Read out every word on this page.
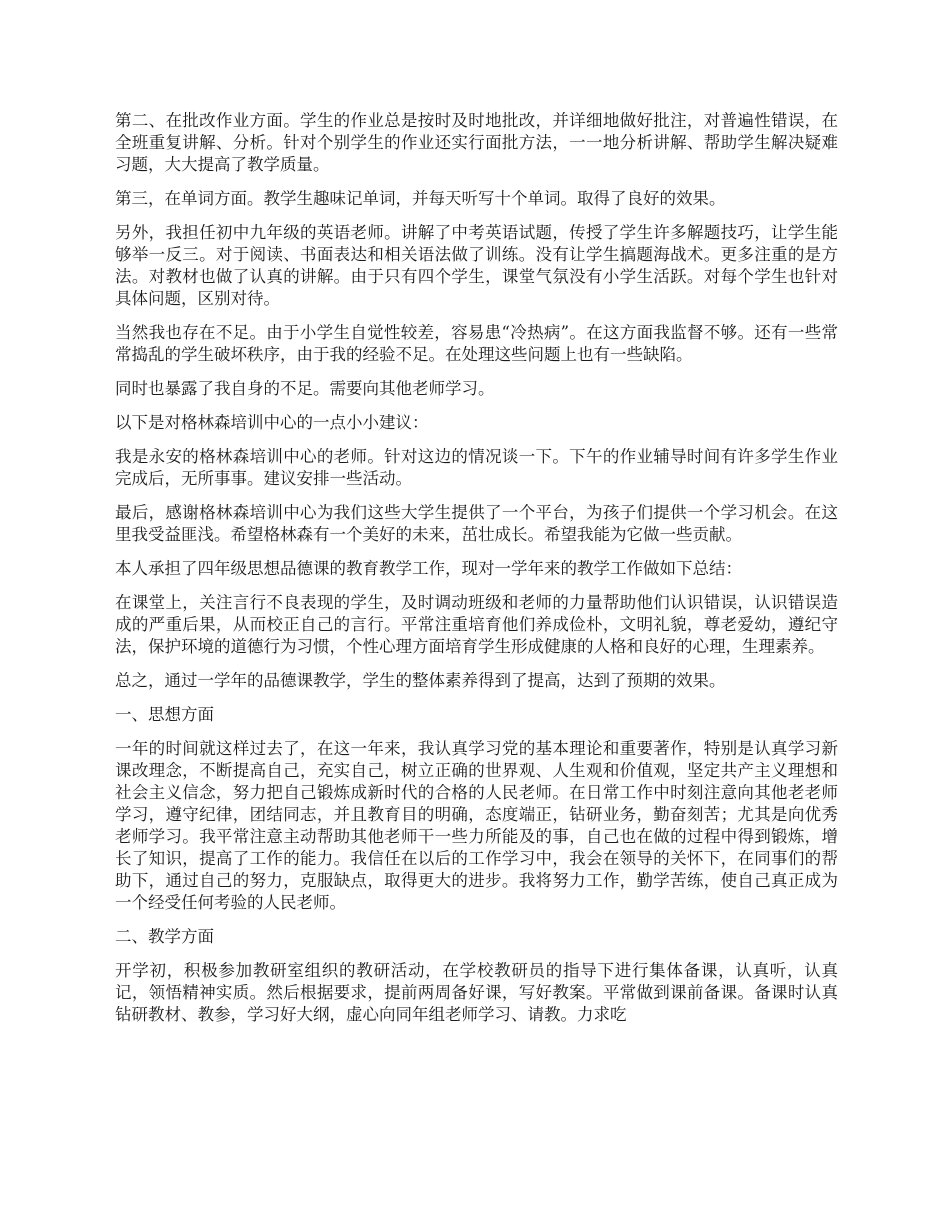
第二、在批改作业方面。学生的作业总是按时及时地批改，并详细地做好批注，对普遍性错误，在全班重复讲解、分析。针对个别学生的作业还实行面批方法，一一地分析讲解、帮助学生解决疑难习题，大大提高了教学质量。

第三，在单词方面。教学生趣味记单词，并每天听写十个单词。取得了良好的效果。

另外，我担任初中九年级的英语老师。讲解了中考英语试题，传授了学生许多解题技巧，让学生能够举一反三。对于阅读、书面表达和相关语法做了训练。没有让学生搞题海战术。更多注重的是方法。对教材也做了认真的讲解。由于只有四个学生，课堂气氛没有小学生活跃。对每个学生也针对具体问题，区别对待。

当然我也存在不足。由于小学生自觉性较差，容易患“冷热病”。在这方面我监督不够。还有一些常常捣乱的学生破坏秩序，由于我的经验不足。在处理这些问题上也有一些缺陷。

同时也暴露了我自身的不足。需要向其他老师学习。

以下是对格林森培训中心的一点小小建议：

我是永安的格林森培训中心的老师。针对这边的情况谈一下。下午的作业辅导时间有许多学生作业完成后，无所事事。建议安排一些活动。

最后，感谢格林森培训中心为我们这些大学生提供了一个平台，为孩子们提供一个学习机会。在这里我受益匪浅。希望格林森有一个美好的未来，茁壮成长。希望我能为它做一些贡献。

本人承担了四年级思想品德课的教育教学工作，现对一学年来的教学工作做如下总结：

在课堂上，关注言行不良表现的学生，及时调动班级和老师的力量帮助他们认识错误，认识错误造成的严重后果，从而校正自己的言行。平常注重培育他们养成俭朴，文明礼貌，尊老爱幼，遵纪守法，保护环境的道德行为习惯，个性心理方面培育学生形成健康的人格和良好的心理，生理素养。

总之，通过一学年的品德课教学，学生的整体素养得到了提高，达到了预期的效果。

一、思想方面

一年的时间就这样过去了，在这一年来，我认真学习党的基本理论和重要著作，特别是认真学习新课改理念，不断提高自己，充实自己，树立正确的世界观、人生观和价值观，坚定共产主义理想和社会主义信念，努力把自己锻炼成新时代的合格的人民老师。在日常工作中时刻注意向其他老老师学习，遵守纪律，团结同志，并且教育目的明确，态度端正，钻研业务，勤奋刻苦；尤其是向优秀老师学习。我平常注意主动帮助其他老师干一些力所能及的事，自己也在做的过程中得到锻炼，增长了知识，提高了工作的能力。我信任在以后的工作学习中，我会在领导的关怀下，在同事们的帮助下，通过自己的努力，克服缺点，取得更大的进步。我将努力工作，勤学苦练，使自己真正成为一个经受任何考验的人民老师。

二、教学方面

开学初，积极参加教研室组织的教研活动，在学校教研员的指导下进行集体备课，认真听，认真记，领悟精神实质。然后根据要求，提前两周备好课，写好教案。平常做到课前备课。备课时认真钻研教材、教参，学习好大纲，虚心向同年组老师学习、请教。力求吃
